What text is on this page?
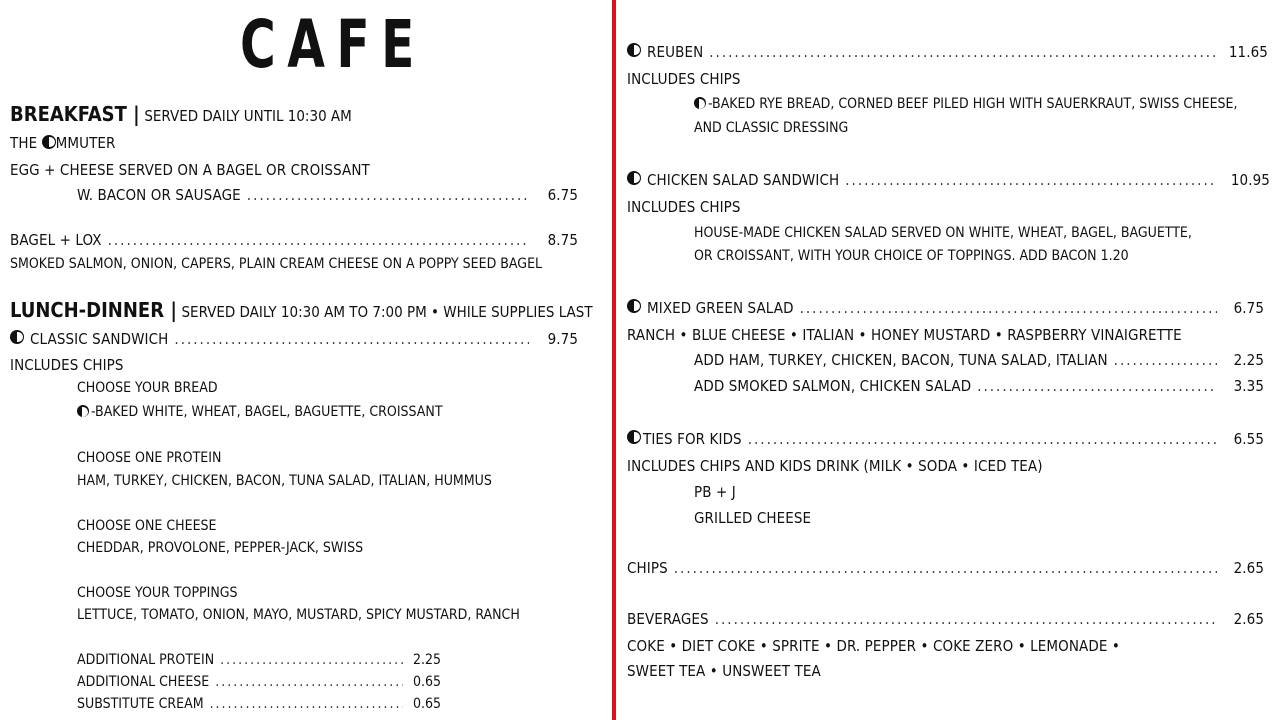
CAFE
BREAKFAST | SERVED DAILY UNTIL 10:30 AM
THE MMUTER
EGG + CHEESE SERVED ON A BAGEL OR CROISSANT
W. BACON OR SAUSAGE .....	6.75
BAGEL + LOX .....	8.75
SMOKED SALMON, ONION, CAPERS, PLAIN CREAM CHEESE ON A POPPY SEED BAGEL
LUNCH-DINNER | SERVED DAILY 10:30 AM TO 7:00 PM • WHILE SUPPLIES LAST
CLASSIC SANDWICH .....	9.75
INCLUDES CHIPS
CHOOSE YOUR BREAD
-BAKED WHITE, WHEAT, BAGEL, BAGUETTE, CROISSANT
CHOOSE ONE PROTEIN
HAM, TURKEY, CHICKEN, BACON, TUNA SALAD, ITALIAN, HUMMUS
CHOOSE ONE CHEESE
CHEDDAR, PROVOLONE, PEPPER-JACK, SWISS
CHOOSE YOUR TOPPINGS
LETTUCE, TOMATO, ONION, MAYO, MUSTARD, SPICY MUSTARD, RANCH
ADDITIONAL PROTEIN .....	2.25
ADDITIONAL CHEESE .....	0.65
SUBSTITUTE CREAM .....	0.65
REUBEN .....	11.65
INCLUDES CHIPS
-BAKED RYE BREAD, CORNED BEEF PILED HIGH WITH SAUERKRAUT, SWISS CHEESE,
AND CLASSIC DRESSING
CHICKEN SALAD SANDWICH .....	10.95
INCLUDES CHIPS
HOUSE-MADE CHICKEN SALAD SERVED ON WHITE, WHEAT, BAGEL, BAGUETTE,
OR CROISSANT, WITH YOUR CHOICE OF TOPPINGS. ADD BACON 1.20
MIXED GREEN SALAD .....	6.75
RANCH • BLUE CHEESE • ITALIAN • HONEY MUSTARD • RASPBERRY VINAIGRETTE
ADD HAM, TURKEY, CHICKEN, BACON, TUNA SALAD, ITALIAN .....	2.25
ADD SMOKED SALMON, CHICKEN SALAD .....	3.35
TIES FOR KIDS .....	6.55
INCLUDES CHIPS AND KIDS DRINK (MILK • SODA • ICED TEA)
PB + J
GRILLED CHEESE
CHIPS .....	2.65
BEVERAGES .....	2.65
COKE • DIET COKE • SPRITE • DR. PEPPER • COKE ZERO • LEMONADE •
SWEET TEA • UNSWEET TEA
